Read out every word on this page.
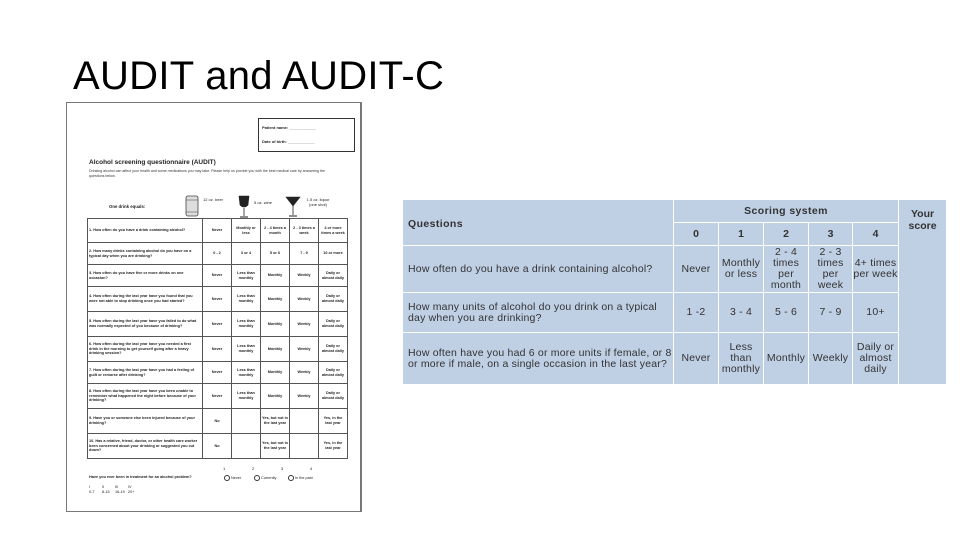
AUDIT and AUDIT-C
Patient name: ____________
Date of birth: ____________
Alcohol screening questionnaire (AUDIT)
Drinking alcohol can affect your health and some medications you may take. Please help us provide you with the best medical care by answering the questions below.
One drink equals:
12 oz. beer
5 oz. wine
1.5 oz. liquor (one shot)
1. How often do you have a drink containing alcohol?	Never	Monthly or less	2 - 4 times a month	2 - 3 times a week	4 or more times a week	
2. How many drinks containing alcohol do you have on a typical day when you are drinking?	0 - 2	3 or 4	5 or 6	7 - 9	10 or more	
3. How often do you have five or more drinks on one occasion?	Never	Less than monthly	Monthly	Weekly	Daily or almost daily	
4. How often during the last year have you found that you were not able to stop drinking once you had started?	Never	Less than monthly	Monthly	Weekly	Daily or almost daily	
5. How often during the last year have you failed to do what was normally expected of you because of drinking?	Never	Less than monthly	Monthly	Weekly	Daily or almost daily	
6. How often during the last year have you needed a first drink in the morning to get yourself going after a heavy drinking session?	Never	Less than monthly	Monthly	Weekly	Daily or almost daily	
7. How often during the last year have you had a feeling of guilt or remorse after drinking?	Never	Less than monthly	Monthly	Weekly	Daily or almost daily	
8. How often during the last year have you been unable to remember what happened the night before because of your drinking?	Never	Less than monthly	Monthly	Weekly	Daily or almost daily	
9. Have you or someone else been injured because of your drinking?	No		Yes, but not in the last year		Yes, in the last year	
10. Has a relative, friend, doctor, or other health care worker been concerned about your drinking or suggested you cut down?	No		Yes, but not in the last year		Yes, in the last year	
1	2	3	4
Have you ever been in treatment for an alcohol problem?	Never	Currently	In the past
I	II	III	IV
0-7 8-15 16-19 20+
Questions	Scoring system					Your score
	0	1	2	3	4	
How often do you have a drink containing alcohol?	Never	Monthly or less	2 - 4 times per month	2 - 3 times per week	4+ times per week	
How many units of alcohol do you drink on a typical day when you are drinking?	1 -2	3 - 4	5 - 6	7 - 9	10+	
How often have you had 6 or more units if female, or 8 or more if male, on a single occasion in the last year?	Never	Less than monthly	Monthly	Weekly	Daily or almost daily	
